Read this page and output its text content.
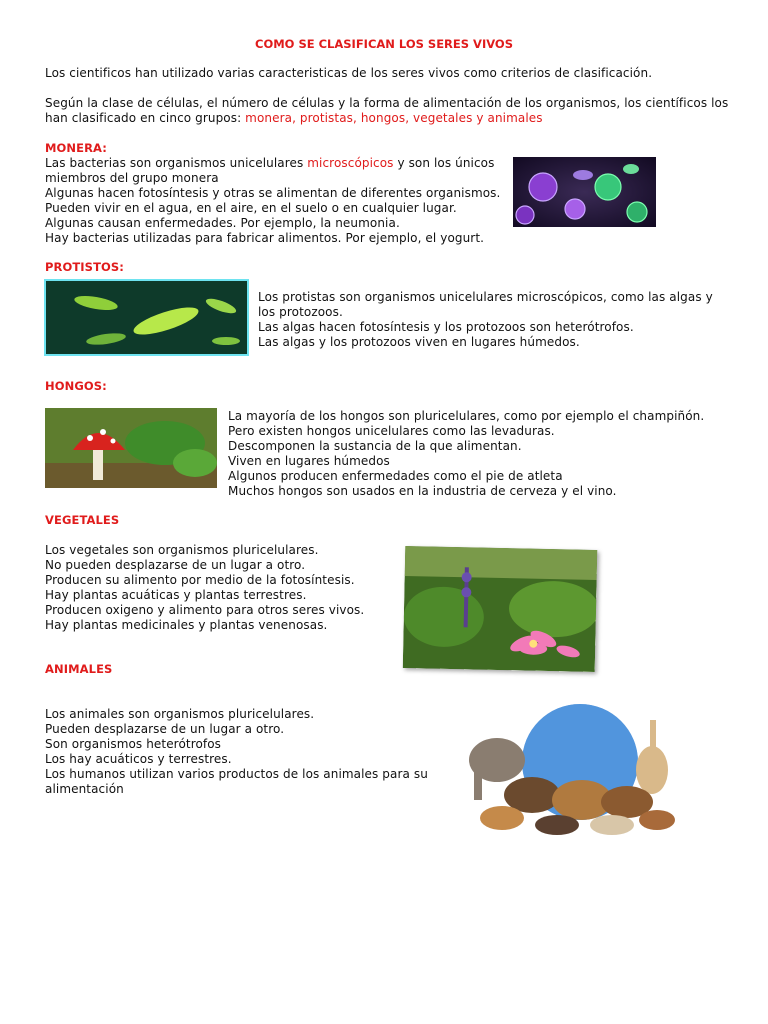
COMO SE CLASIFICAN LOS SERES VIVOS
Los cientificos han utilizado varias caracteristicas de los seres vivos como criterios de clasificación.
Según la clase de células, el número de células y la forma de alimentación de los organismos, los científicos los
han clasificado en cinco grupos: monera, protistas, hongos, vegetales y animales
MONERA:
Las bacterias son organismos unicelulares microscópicos y son los únicos
miembros del grupo monera
Algunas hacen fotosíntesis y otras se alimentan de diferentes organismos.
Pueden vivir en el agua, en el aire, en el suelo o en cualquier lugar.
Algunas causan enfermedades. Por ejemplo, la neumonia.
Hay bacterias utilizadas para fabricar alimentos. Por ejemplo, el yogurt.
PROTISTOS:
Los protistas son organismos unicelulares microscópicos, como las algas y
los protozoos.
Las algas hacen fotosíntesis y los protozoos son heterótrofos.
Las algas y los protozoos viven en lugares húmedos.
HONGOS:
La mayoría de los hongos son pluricelulares, como por ejemplo el champiñón.
Pero existen hongos unicelulares como las levaduras.
Descomponen la sustancia de la que alimentan.
Viven en lugares húmedos
Algunos producen enfermedades como el pie de atleta
Muchos hongos son usados en la industria de cerveza y el vino.
VEGETALES
Los vegetales son organismos pluricelulares.
No pueden desplazarse de un lugar a otro.
Producen su alimento por medio de la fotosíntesis.
Hay plantas acuáticas y plantas terrestres.
Producen oxigeno y alimento para otros seres vivos.
Hay plantas medicinales y plantas venenosas.
ANIMALES
Los animales son organismos pluricelulares.
Pueden desplazarse de un lugar a otro.
Son organismos heterótrofos
Los hay acuáticos y terrestres.
Los humanos utilizan varios productos de los animales para su
alimentación
